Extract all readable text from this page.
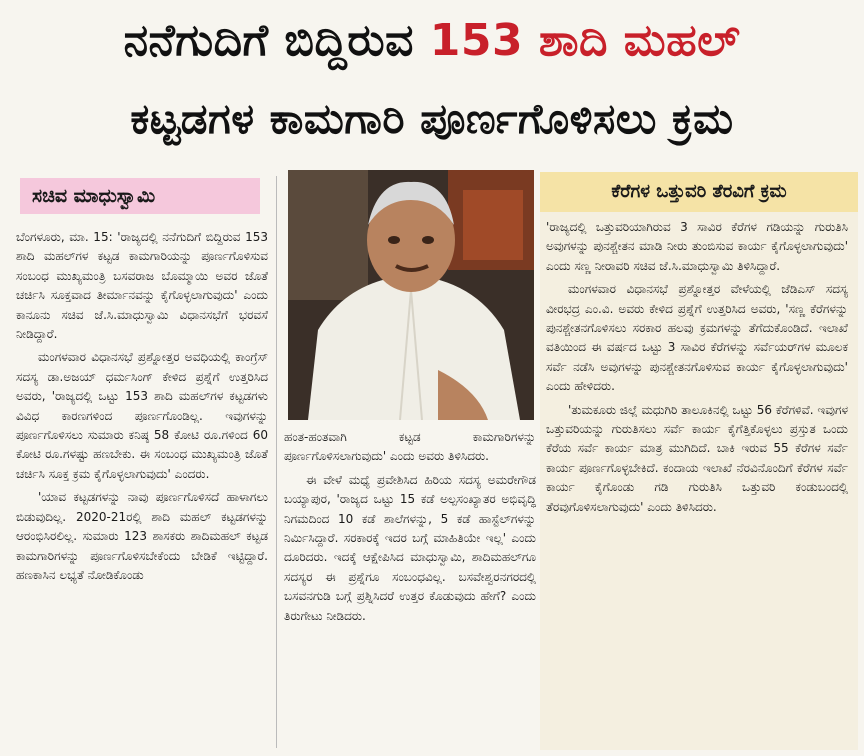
ನನೆಗುದಿಗೆ ಬಿದ್ದಿರುವ 153 ಶಾದಿ ಮಹಲ್
ಕಟ್ಟಡಗಳ ಕಾಮಗಾರಿ ಪೂರ್ಣಗೊಳಿಸಲು ಕ್ರಮ
ಸಚಿವ ಮಾಧುಸ್ವಾಮಿ

ಬೆಂಗಳೂರು, ಮಾ. 15: 'ರಾಜ್ಯದಲ್ಲಿ ನನೆಗುದಿಗೆ ಬಿದ್ದಿರುವ 153 ಶಾದಿ ಮಹಲ್‌ಗಳ ಕಟ್ಟಡ ಕಾಮಗಾರಿಯನ್ನು ಪೂರ್ಣಗೊಳಿಸುವ ಸಂಬಂಧ ಮುಖ್ಯಮಂತ್ರಿ ಬಸವರಾಜ ಬೊಮ್ಮಾಯಿ ಅವರ ಜೊತೆ ಚರ್ಚಿಸಿ ಸೂಕ್ತವಾದ ತೀರ್ಮಾನವನ್ನು ಕೈಗೊಳ್ಳಲಾಗುವುದು' ಎಂದು ಕಾನೂನು ಸಚಿವ ಜೆ.ಸಿ.ಮಾಧುಸ್ವಾಮಿ ವಿಧಾನಸಭೆಗೆ ಭರವಸೆ ನೀಡಿದ್ದಾರೆ.

ಮಂಗಳವಾರ ವಿಧಾನಸಭೆ ಪ್ರಶ್ನೋತ್ತರ ಅವಧಿಯಲ್ಲಿ ಕಾಂಗ್ರೆಸ್ ಸದಸ್ಯ ಡಾ.ಅಜಯ್ ಧರ್ಮಸಿಂಗ್ ಕೇಳಿದ ಪ್ರಶ್ನೆಗೆ ಉತ್ತರಿಸಿದ ಅವರು, 'ರಾಜ್ಯದಲ್ಲಿ ಒಟ್ಟು 153 ಶಾದಿ ಮಹಲ್‌ಗಳ ಕಟ್ಟಡಗಳು ವಿವಿಧ ಕಾರಣಗಳಿಂದ ಪೂರ್ಣಗೊಂಡಿಲ್ಲ. ಇವುಗಳನ್ನು ಪೂರ್ಣಗೊಳಿಸಲು ಸುಮಾರು ಕನಿಷ್ಠ 58 ಕೋಟಿ ರೂ.ಗಳಿಂದ 60 ಕೋಟಿ ರೂ.ಗಳಷ್ಟು ಹಣಬೇಕು. ಈ ಸಂಬಂಧ ಮುಖ್ಯಮಂತ್ರಿ ಜೊತೆ ಚರ್ಚಿಸಿ ಸೂಕ್ತ ಕ್ರಮ ಕೈಗೊಳ್ಳಲಾಗುವುದು' ಎಂದರು.

'ಯಾವ ಕಟ್ಟಡಗಳನ್ನು ನಾವು ಪೂರ್ಣಗೊಳಿಸದೆ ಹಾಳಾಗಲು ಬಿಡುವುದಿಲ್ಲ. 2020-21ರಲ್ಲಿ ಶಾದಿ ಮಹಲ್ ಕಟ್ಟಡಗಳನ್ನು ಆರಂಭಿಸಿರಲಿಲ್ಲ. ಸುಮಾರು 123 ಶಾಸಕರು ಶಾದಿಮಹಲ್ ಕಟ್ಟಡ ಕಾಮಗಾರಿಗಳನ್ನು ಪೂರ್ಣಗೊಳಿಸಬೇಕೆಂದು ಬೇಡಿಕೆ ಇಟ್ಟಿದ್ದಾರೆ. ಹಣಕಾಸಿನ ಲಭ್ಯತೆ ನೋಡಿಕೊಂಡು

ಹಂತ-ಹಂತವಾಗಿ ಕಟ್ಟಡ ಕಾಮಗಾರಿಗಳನ್ನು ಪೂರ್ಣಗೊಳಿಸಲಾಗುವುದು' ಎಂದು ಅವರು ತಿಳಿಸಿದರು.

ಈ ವೇಳೆ ಮಧ್ಯೆ ಪ್ರವೇಶಿಸಿದ ಹಿರಿಯ ಸದಸ್ಯ ಅಮರೇಗೌಡ ಬಯ್ಯಾಪುರ, 'ರಾಜ್ಯದ ಒಟ್ಟು 15 ಕಡೆ ಅಲ್ಪಸಂಖ್ಯಾತರ ಅಭಿವೃದ್ಧಿ ನಿಗಮದಿಂದ 10 ಕಡೆ ಶಾಲೆಗಳನ್ನು, 5 ಕಡೆ ಹಾಸ್ಟೆಲ್‌ಗಳನ್ನು ನಿರ್ಮಿಸಿದ್ದಾರೆ. ಸರಕಾರಕ್ಕೆ ಇದರ ಬಗ್ಗೆ ಮಾಹಿತಿಯೇ ಇಲ್ಲ' ಎಂದು ದೂರಿದರು. ಇದಕ್ಕೆ ಆಕ್ಷೇಪಿಸಿದ ಮಾಧುಸ್ವಾಮಿ, ಶಾದಿಮಹಲ್‌ಗೂ ಸದಸ್ಯರ ಈ ಪ್ರಶ್ನೆಗೂ ಸಂಬಂಧವಿಲ್ಲ. ಬಸವೇಶ್ವರನಗರದಲ್ಲಿ ಬಸವನಗುಡಿ ಬಗ್ಗೆ ಪ್ರಶ್ನಿಸಿದರೆ ಉತ್ತರ ಕೊಡುವುದು ಹೇಗೆ? ಎಂದು ತಿರುಗೇಟು ನೀಡಿದರು.

ಕೆರೆಗಳ ಒತ್ತುವರಿ ತೆರವಿಗೆ ಕ್ರಮ

'ರಾಜ್ಯದಲ್ಲಿ ಒತ್ತುವರಿಯಾಗಿರುವ 3 ಸಾವಿರ ಕೆರೆಗಳ ಗಡಿಯನ್ನು ಗುರುತಿಸಿ ಅವುಗಳನ್ನು ಪುನಶ್ಚೇತನ ಮಾಡಿ ನೀರು ತುಂಬಿಸುವ ಕಾರ್ಯ ಕೈಗೊಳ್ಳಲಾಗುವುದು' ಎಂದು ಸಣ್ಣ ನೀರಾವರಿ ಸಚಿವ ಜೆ.ಸಿ.ಮಾಧುಸ್ವಾಮಿ ತಿಳಿಸಿದ್ದಾರೆ.

ಮಂಗಳವಾರ ವಿಧಾನಸಭೆ ಪ್ರಶ್ನೋತ್ತರ ವೇಳೆಯಲ್ಲಿ ಜೆಡಿಎಸ್ ಸದಸ್ಯ ವೀರಭದ್ರ ಎಂ.ವಿ. ಅವರು ಕೇಳಿದ ಪ್ರಶ್ನೆಗೆ ಉತ್ತರಿಸಿದ ಅವರು, 'ಸಣ್ಣ ಕೆರೆಗಳನ್ನು ಪುನಶ್ಚೇತನಗೊಳಿಸಲು ಸರಕಾರ ಹಲವು ಕ್ರಮಗಳನ್ನು ತೆಗೆದುಕೊಂಡಿದೆ. ಇಲಾಖೆ ವತಿಯಿಂದ ಈ ವರ್ಷದ ಒಟ್ಟು 3 ಸಾವಿರ ಕೆರೆಗಳನ್ನು ಸರ್ವೆಯರ್‌ಗಳ ಮೂಲಕ ಸರ್ವೆ ನಡೆಸಿ ಅವುಗಳನ್ನು ಪುನಶ್ಚೇತನಗೊಳಿಸುವ ಕಾರ್ಯ ಕೈಗೊಳ್ಳಲಾಗುವುದು' ಎಂದು ಹೇಳಿದರು.

'ತುಮಕೂರು ಜಿಲ್ಲೆ ಮಧುಗಿರಿ ತಾಲೂಕಿನಲ್ಲಿ ಒಟ್ಟು 56 ಕೆರೆಗಳಿವೆ. ಇವುಗಳ ಒತ್ತುವರಿಯನ್ನು ಗುರುತಿಸಲು ಸರ್ವೆ ಕಾರ್ಯ ಕೈಗೆತ್ತಿಕೊಳ್ಳಲು ಪ್ರಸ್ತುತ ಒಂದು ಕೆರೆಯ ಸರ್ವೆ ಕಾರ್ಯ ಮಾತ್ರ ಮುಗಿದಿದೆ. ಬಾಕಿ ಇರುವ 55 ಕೆರೆಗಳ ಸರ್ವೆ ಕಾರ್ಯ ಪೂರ್ಣಗೊಳ್ಳಬೇಕಿದೆ. ಕಂದಾಯ ಇಲಾಖೆ ನೆರವಿನೊಂದಿಗೆ ಕೆರೆಗಳ ಸರ್ವೆ ಕಾರ್ಯ ಕೈಗೊಂಡು ಗಡಿ ಗುರುತಿಸಿ ಒತ್ತುವರಿ ಕಂಡುಬಂದಲ್ಲಿ ತೆರವುಗೊಳಿಸಲಾಗುವುದು' ಎಂದು ತಿಳಿಸಿದರು.
